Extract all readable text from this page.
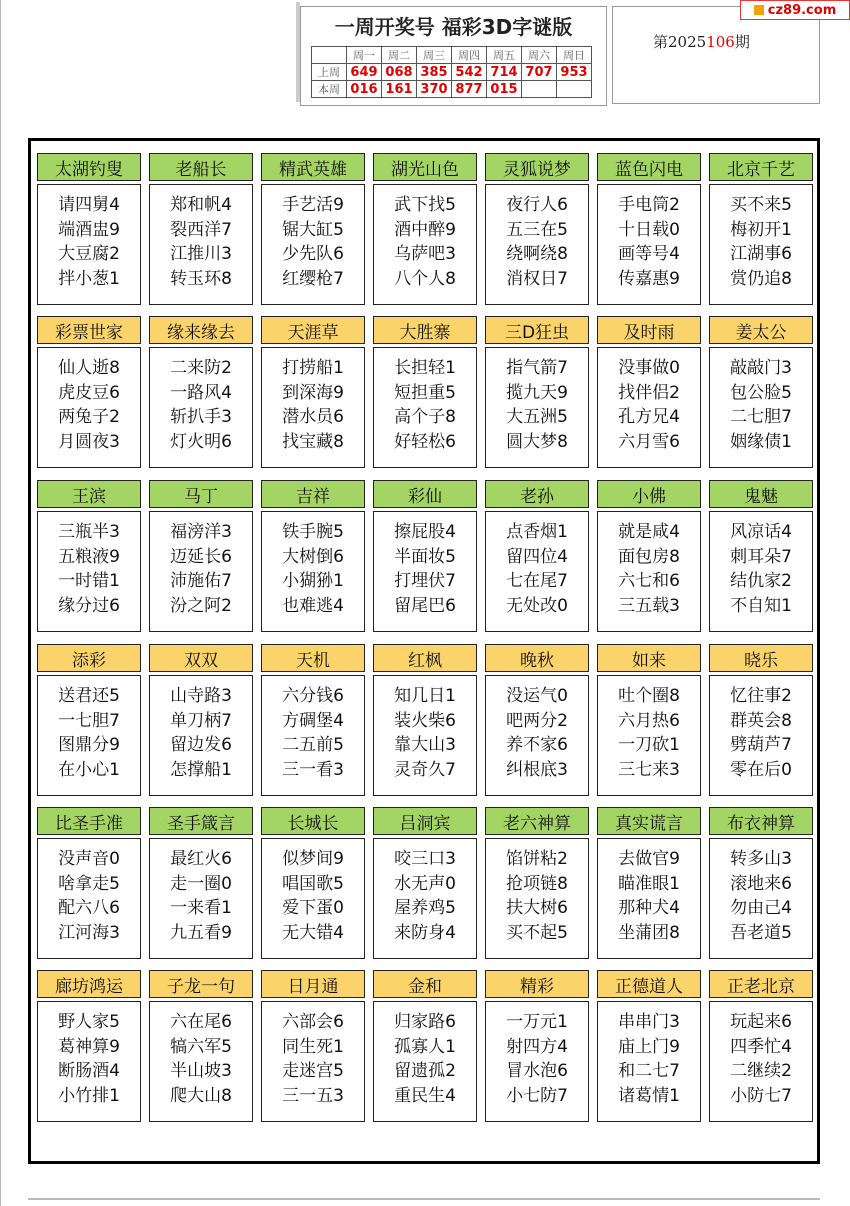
一周开奖号 福彩3D字谜版
	周一	周二	周三	周四	周五	周六	周日
上周	649	068	385	542	714	707	953
本周	016	161	370	877	015		
第2025106期
cz89.com
太湖钓叟
请四舅4
端酒盅9
大豆腐2
拌小葱1
老船长
郑和帆4
裂西洋7
江推川3
转玉环8
精武英雄
手艺活9
锯大缸5
少先队6
红缨枪7
湖光山色
武下找5
酒中醉9
乌萨吧3
八个人8
灵狐说梦
夜行人6
五三在5
绕啊绕8
消权日7
蓝色闪电
手电筒2
十日载0
画等号4
传嘉惠9
北京千艺
买不来5
梅初开1
江湖事6
赏仍追8
彩票世家
仙人逝8
虎皮豆6
两兔子2
月圆夜3
缘来缘去
二来防2
一路风4
斩扒手3
灯火明6
天涯草
打捞船1
到深海9
潜水员6
找宝藏8
大胜寨
长担轻1
短担重5
高个子8
好轻松6
三D狂虫
指气箭7
揽九天9
大五洲5
圆大梦8
及时雨
没事做0
找伴侣2
孔方兄4
六月雪6
姜太公
敲敲门3
包公脸5
二七胆7
姻缘债1
王滨
三瓶半3
五粮液9
一时错1
缘分过6
马丁
福滂洋3
迈延长6
沛施佑7
汾之阿2
吉祥
铁手腕5
大树倒6
小猢狲1
也难逃4
彩仙
擦屁股4
半面妆5
打埋伏7
留尾巴6
老孙
点香烟1
留四位4
七在尾7
无处改0
小佛
就是咸4
面包房8
六七和6
三五载3
鬼魅
风凉话4
刺耳朵7
结仇家2
不自知1
添彩
送君还5
一七胆7
图鼎分9
在小心1
双双
山寺路3
单刀柄7
留边发6
怎撑船1
天机
六分钱6
方碉堡4
二五前5
三一看3
红枫
知几日1
装火柴6
靠大山3
灵奇久7
晚秋
没运气0
吧两分2
养不家6
纠根底3
如来
吐个圈8
六月热6
一刀砍1
三七来3
晓乐
忆往事2
群英会8
劈葫芦7
零在后0
比圣手准
没声音0
啥拿走5
配六八6
江河海3
圣手箴言
最红火6
走一圈0
一来看1
九五看9
长城长
似梦间9
唱国歌5
爱下蛋0
无大错4
吕洞宾
咬三口3
水无声0
屋养鸡5
来防身4
老六神算
馅饼粘2
抢项链8
扶大树6
买不起5
真实谎言
去做官9
瞄准眼1
那种犬4
坐蒲团8
布衣神算
转多山3
滚地来6
勿由己4
吾老道5
廊坊鸿运
野人家5
葛神算9
断肠酒4
小竹排1
子龙一句
六在尾6
犒六军5
半山坡3
爬大山8
日月通
六部会6
同生死1
走迷宫5
三一五3
金和
归家路6
孤寡人1
留遗孤2
重民生4
精彩
一万元1
射四方4
冒水泡6
小七防7
正德道人
串串门3
庙上门9
和二七7
诸葛情1
正老北京
玩起来6
四季忙4
二继续2
小防七7
